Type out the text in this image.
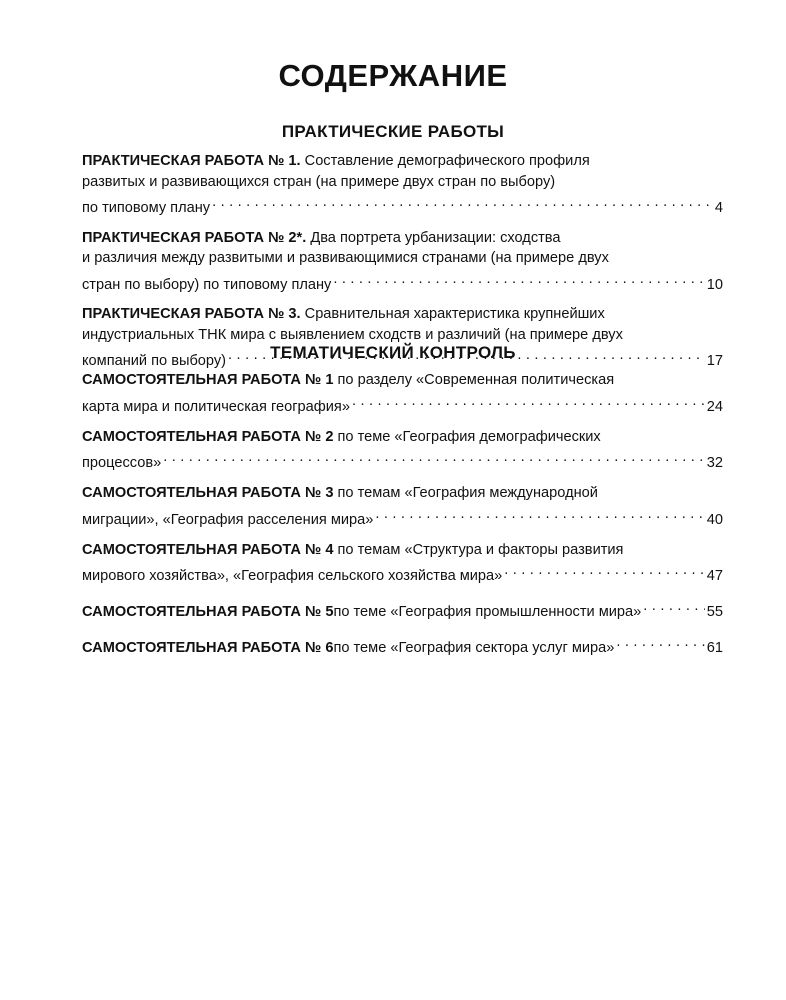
СОДЕРЖАНИЕ
ПРАКТИЧЕСКИЕ РАБОТЫ
ПРАКТИЧЕСКАЯ РАБОТА № 1. Составление демографического профиля
развитых и развивающихся стран (на примере двух стран по выбору)
по типовому плану . . .	4
ПРАКТИЧЕСКАЯ РАБОТА № 2*. Два портрета урбанизации: сходства
и различия между развитыми и развивающимися странами (на примере двух
стран по выбору) по типовому плану . . .	10
ПРАКТИЧЕСКАЯ РАБОТА № 3. Сравнительная характеристика крупнейших
индустриальных ТНК мира с выявлением сходств и различий (на примере двух
компаний по выбору) . . .	17
ТЕМАТИЧЕСКИЙ КОНТРОЛЬ
САМОСТОЯТЕЛЬНАЯ РАБОТА № 1 по разделу «Современная политическая
карта мира и политическая география» . . .	24
САМОСТОЯТЕЛЬНАЯ РАБОТА № 2 по теме «География демографических
процессов» . . .	32
САМОСТОЯТЕЛЬНАЯ РАБОТА № 3 по темам «География международной
миграции», «География расселения мира» . . .	40
САМОСТОЯТЕЛЬНАЯ РАБОТА № 4 по темам «Структура и факторы развития
мирового хозяйства», «География сельского хозяйства мира» . . .	47
САМОСТОЯТЕЛЬНАЯ РАБОТА № 5 по теме «География промышленности мира» . . .	55
САМОСТОЯТЕЛЬНАЯ РАБОТА № 6 по теме «География сектора услуг мира» . . .	61
